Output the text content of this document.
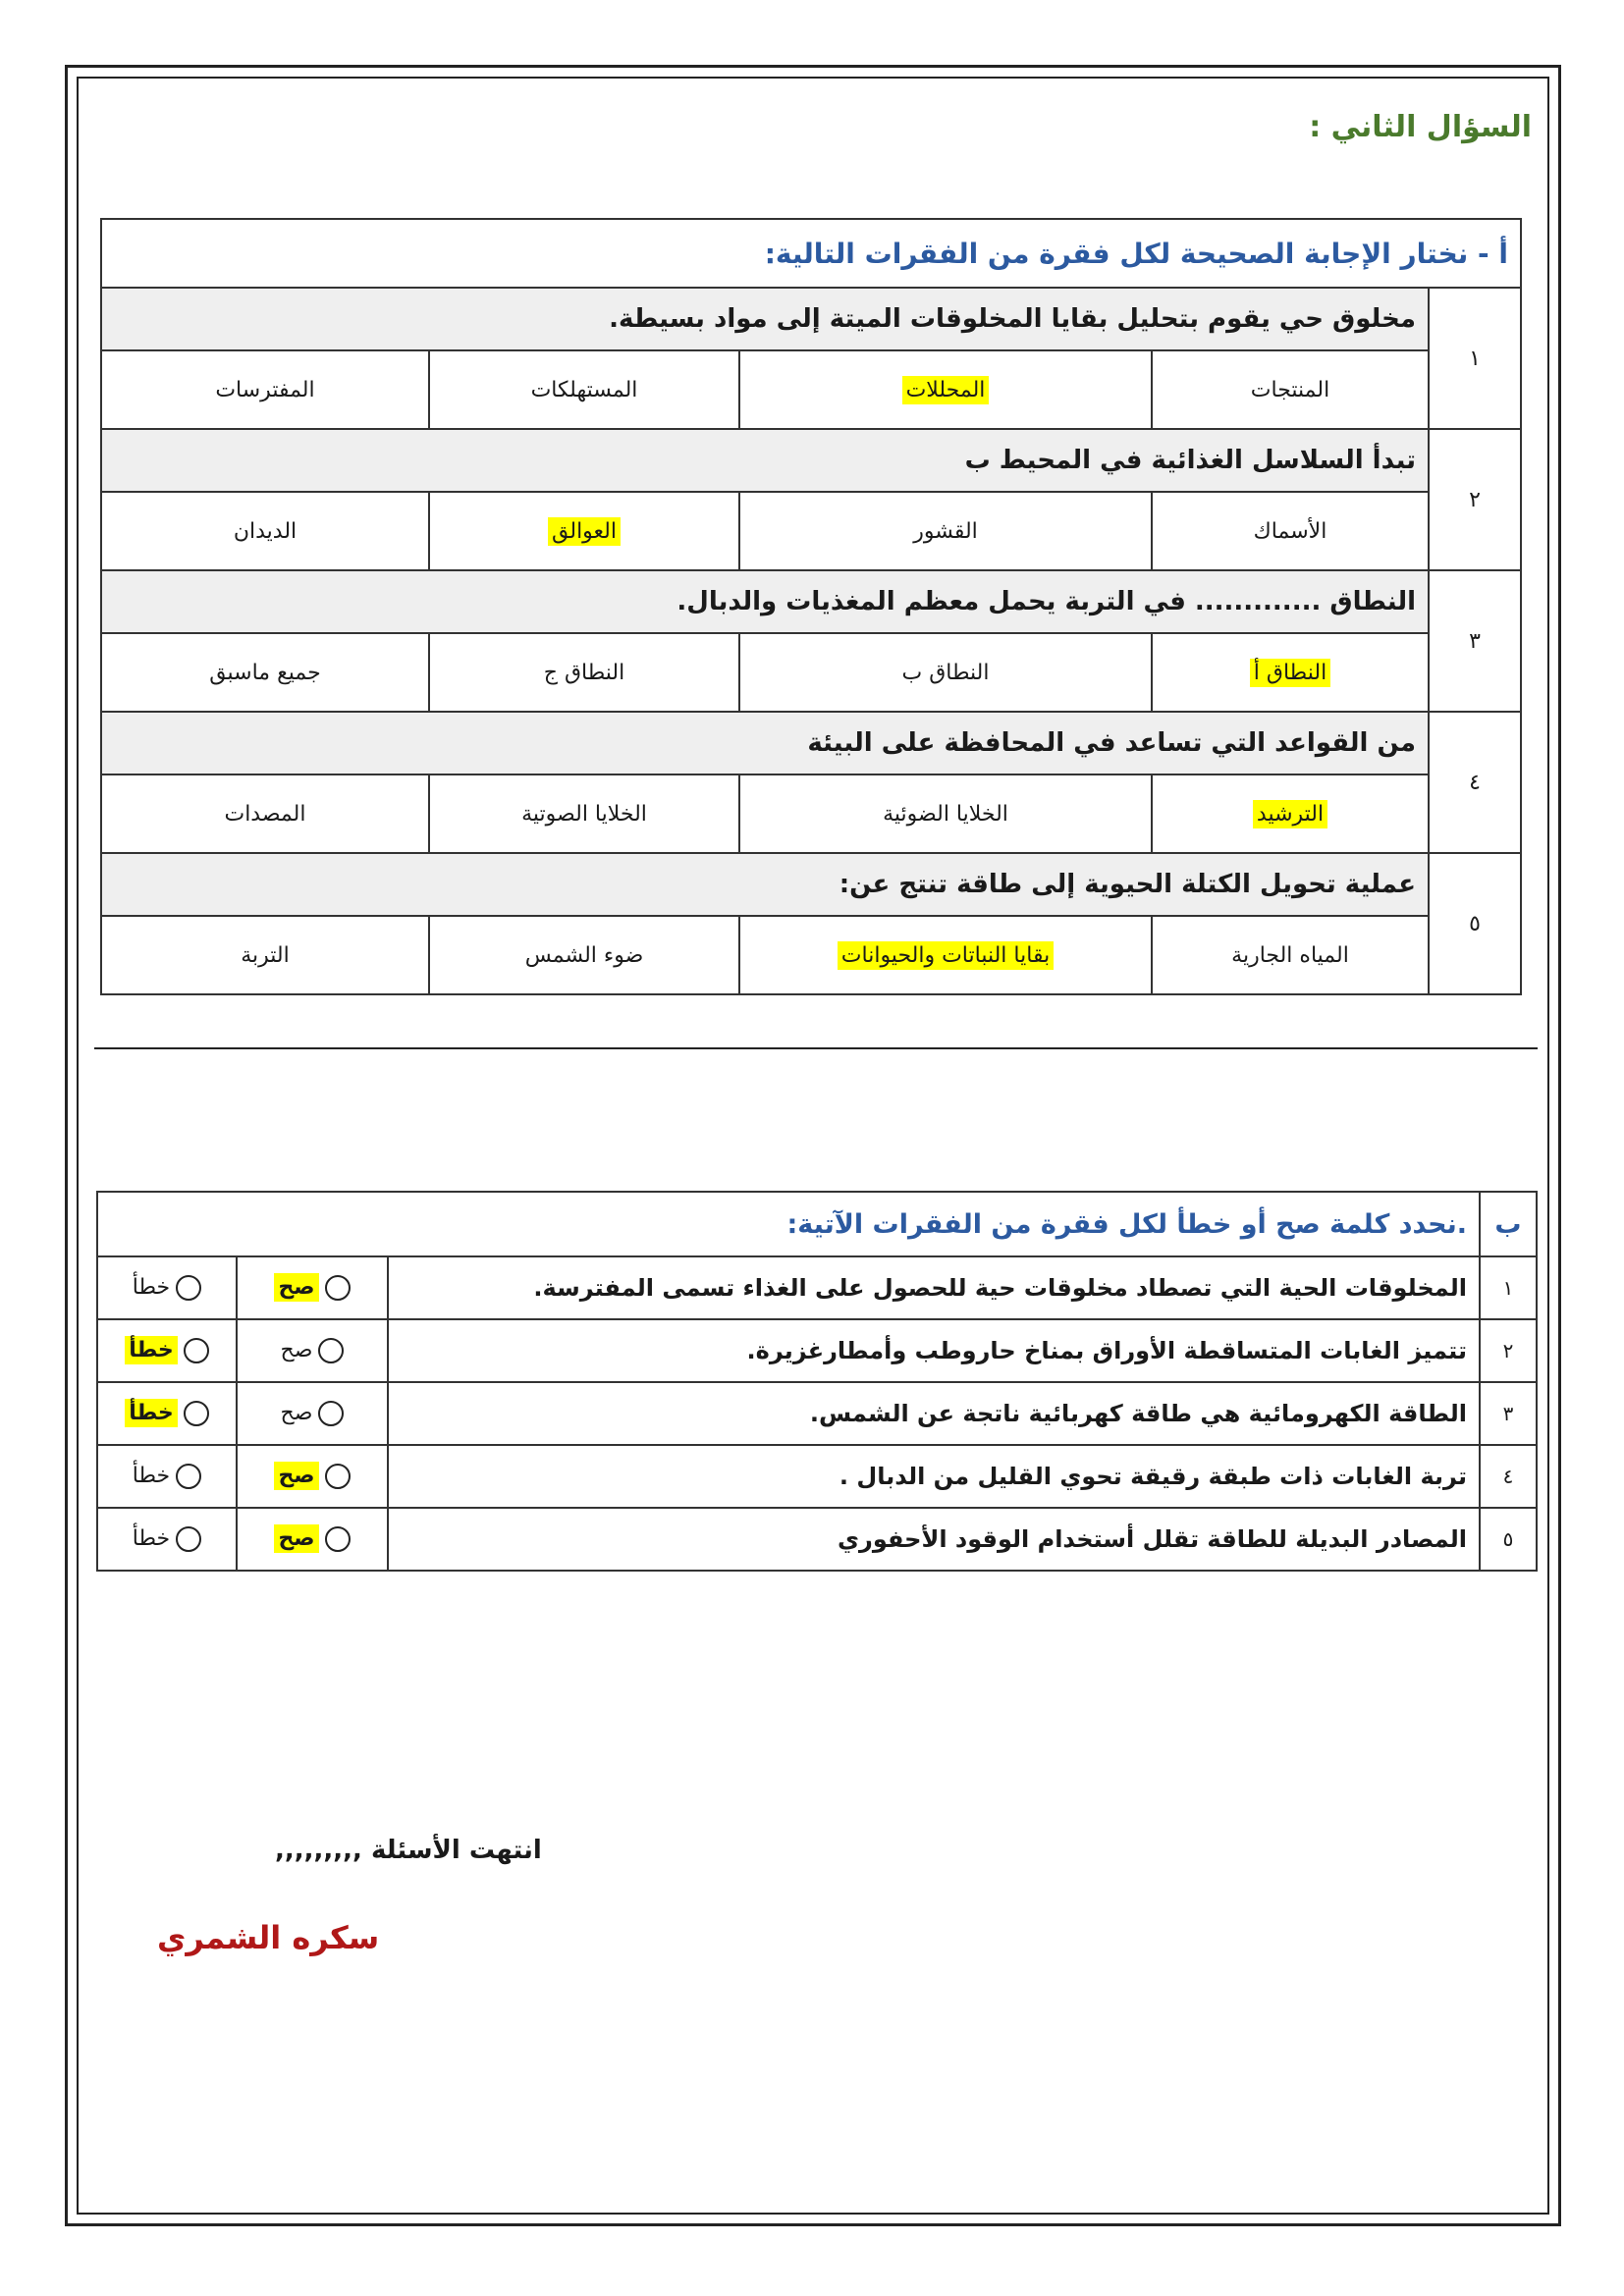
السؤال الثاني :
أ - نختار الإجابة الصحيحة لكل فقرة من الفقرات التالية:				
١	مخلوق حي يقوم بتحليل بقايا المخلوقات الميتة إلى مواد بسيطة.			
	المنتجات	المحللات	المستهلكات	المفترسات
٢	تبدأ السلاسل الغذائية في المحيط ب			
	الأسماك	القشور	العوالق	الديدان
٣	النطاق ............. في التربة يحمل معظم المغذيات والدبال.			
	النطاق أ	النطاق ب	النطاق ج	جميع ماسبق
٤	من القواعد التي تساعد في المحافظة على البيئة			
	الترشيد	الخلايا الضوئية	الخلايا الصوتية	المصدات
٥	عملية تحويل الكتلة الحيوية إلى طاقة تنتج عن:			
	المياه الجارية	بقايا النباتات والحيوانات	ضوء الشمس	التربة
ب	.نحدد كلمة صح أو خطأ لكل فقرة من الفقرات الآتية:		
١	المخلوقات الحية التي تصطاد مخلوقات حية للحصول على الغذاء تسمى المفترسة.	صح	خطأ
٢	تتميز الغابات المتساقطة الأوراق بمناخ حاروطب وأمطارغزيرة.	صح	خطأ
٣	الطاقة الكهرومائية هي طاقة كهربائية ناتجة عن الشمس.	صح	خطأ
٤	تربة الغابات ذات طبقة رقيقة تحوي القليل من الدبال .	صح	خطأ
٥	المصادر البديلة للطاقة تقلل أستخدام الوقود الأحفوري	صح	خطأ
انتهت الأسئلة ,,,,,,,,,
سكره الشمري
